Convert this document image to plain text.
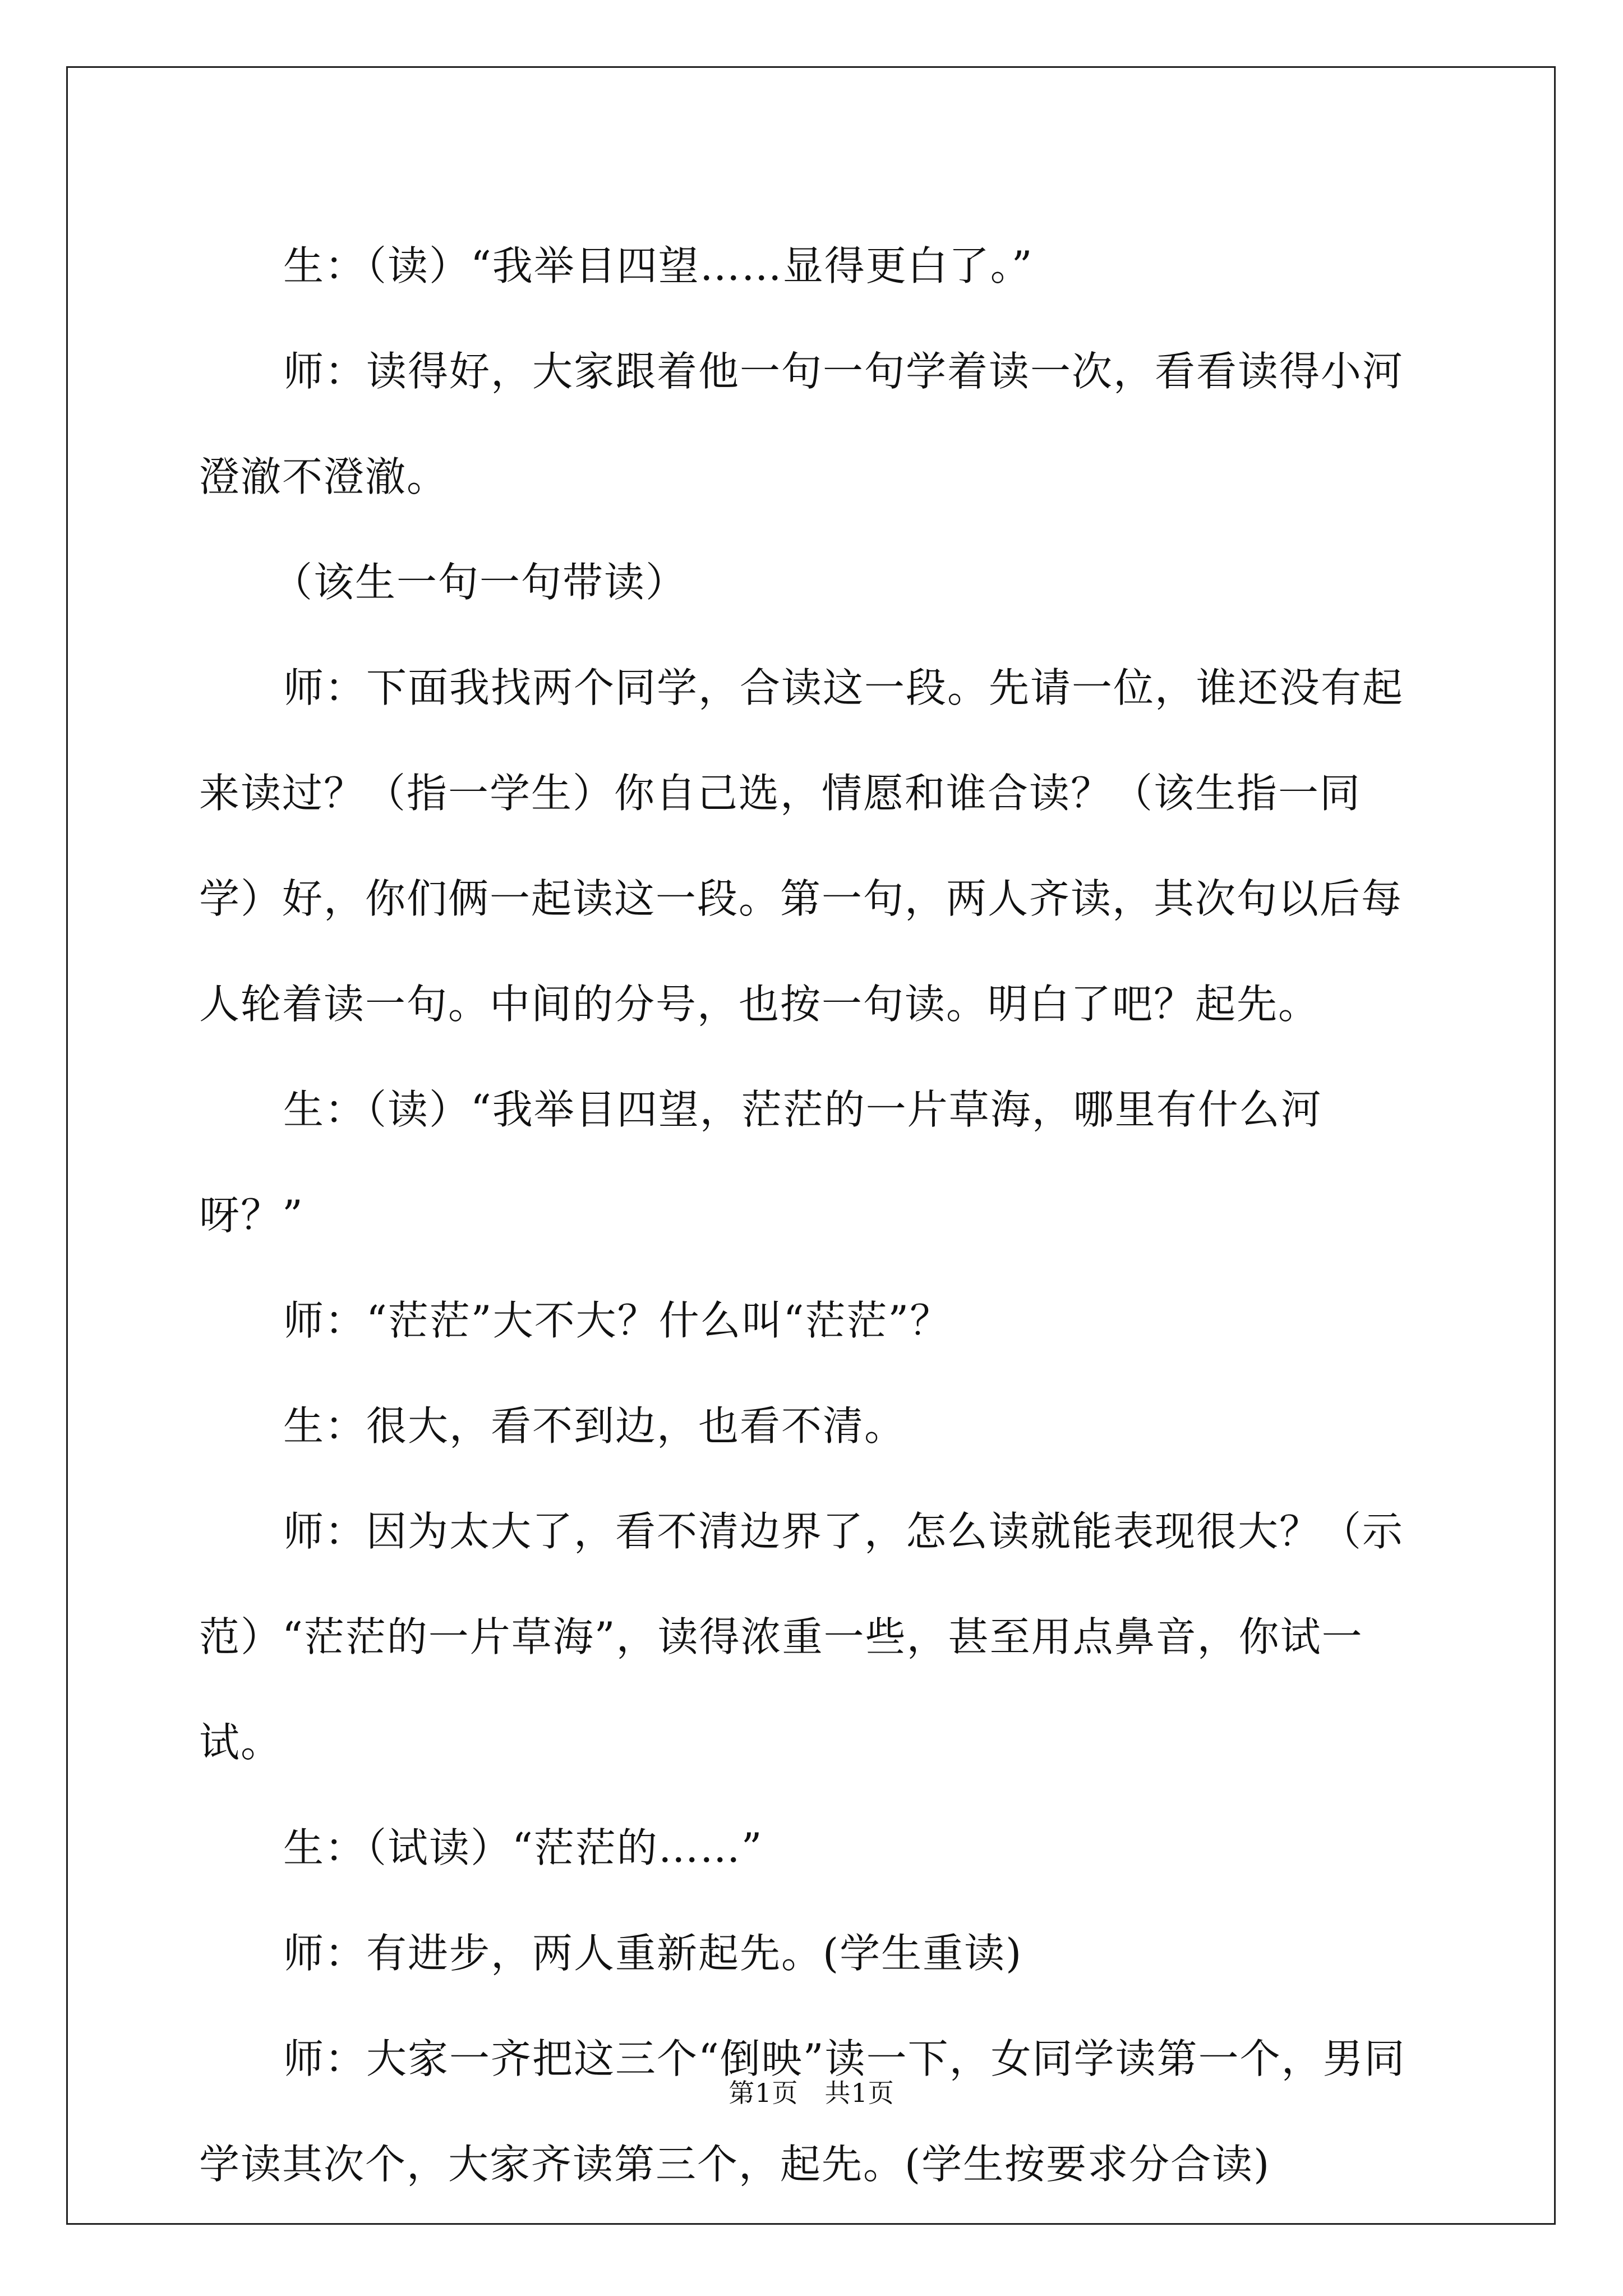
生：（读）“我举目四望……显得更白了。”

师：读得好，大家跟着他一句一句学着读一次，看看读得小河澄澈不澄澈。

（该生一句一句带读）

师：下面我找两个同学，合读这一段。先请一位，谁还没有起来读过？（指一学生）你自己选，情愿和谁合读？（该生指一同学）好，你们俩一起读这一段。第一句，两人齐读，其次句以后每人轮着读一句。中间的分号，也按一句读。明白了吧？起先。

生：（读）“我举目四望，茫茫的一片草海，哪里有什么河呀？”

师：“茫茫”大不大？什么叫“茫茫”？

生：很大，看不到边，也看不清。

师：因为太大了，看不清边界了，怎么读就能表现很大？（示范）“茫茫的一片草海”，读得浓重一些，甚至用点鼻音，你试一试。

生：（试读）“茫茫的……”

师：有进步，两人重新起先。(学生重读)

师：大家一齐把这三个“倒映”读一下，女同学读第一个，男同学读其次个，大家齐读第三个，起先。(学生按要求分合读)

第1页　共1页
